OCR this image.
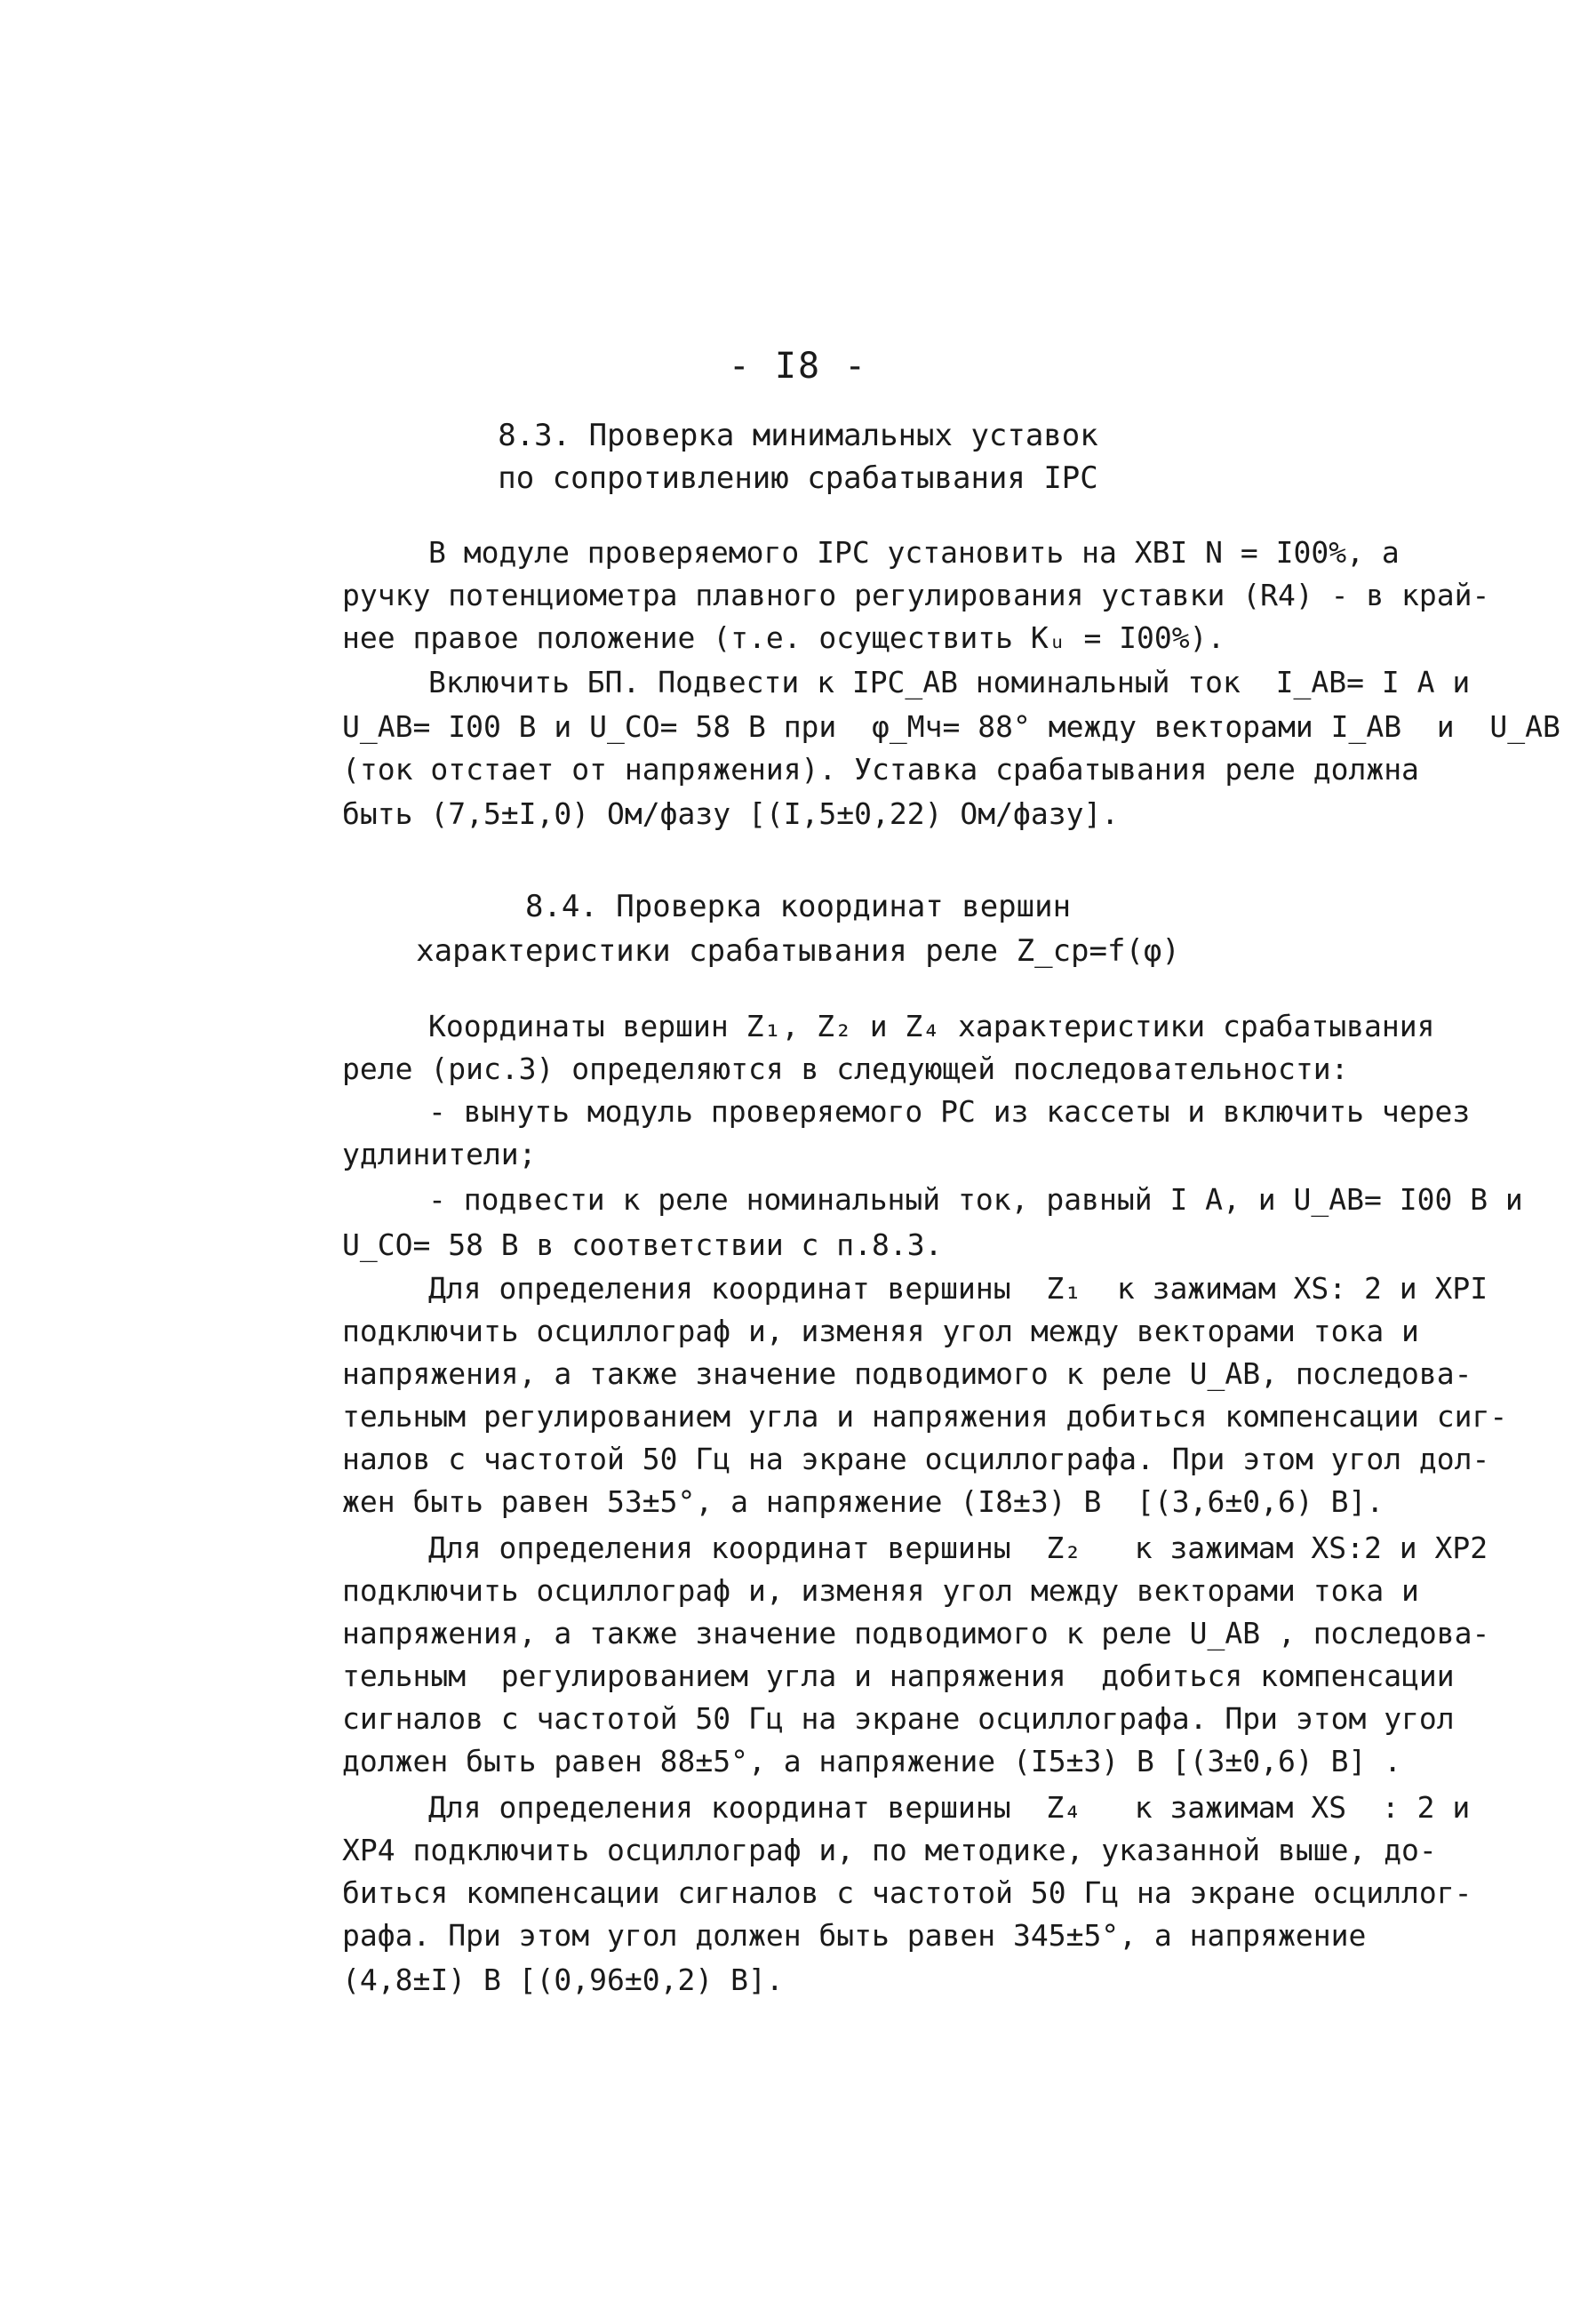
- I8 -
8.3. Проверка минимальных уставок
по сопротивлению срабатывания IPC
В модуле проверяемого IPC установить на ХВI N = I00%, а
ручку потенциометра плавного регулирования уставки (R4) - в край-
нее правое положение (т.е. осуществить Kᵤ = I00%).
Включить БП. Подвести к IPC_AB номинальный ток  I_AB= I А и
U_AB= I00 В и U_CO= 58 В при  φ_Мч= 88° между векторами I_AB  и  U_AB
(ток отстает от напряжения). Уставка срабатывания реле должна
быть (7,5±I,0) Ом/фазу [(I,5±0,22) Ом/фазу].
8.4. Проверка координат вершин
характеристики срабатывания реле Z_ср=f(φ)
Координаты вершин Z₁, Z₂ и Z₄ характеристики срабатывания
реле (рис.3) определяются в следующей последовательности:
- вынуть модуль проверяемого РС из кассеты и включить через
удлинители;
- подвести к реле номинальный ток, равный I А, и U_AB= I00 В и
U_CO= 58 В в соответствии с п.8.3.
Для определения координат вершины  Z₁  к зажимам XS: 2 и ХРI
подключить осциллограф и, изменяя угол между векторами тока и
напряжения, а также значение подводимого к реле U_AB, последова-
тельным регулированием угла и напряжения добиться компенсации сиг-
налов с частотой 50 Гц на экране осциллографа. При этом угол дол-
жен быть равен 53±5°, а напряжение (I8±3) В  [(3,6±0,6) В].
Для определения координат вершины  Z₂   к зажимам XS:2 и ХР2
подключить осциллограф и, изменяя угол между векторами тока и
напряжения, а также значение подводимого к реле U_AB , последова-
тельным  регулированием угла и напряжения  добиться компенсации
сигналов с частотой 50 Гц на экране осциллографа. При этом угол
должен быть равен 88±5°, а напряжение (I5±3) В [(3±0,6) В] .
Для определения координат вершины  Z₄   к зажимам XS  : 2 и
ХР4 подключить осциллограф и, по методике, указанной выше, до-
биться компенсации сигналов с частотой 50 Гц на экране осциллог-
рафа. При этом угол должен быть равен 345±5°, а напряжение
(4,8±I) В [(0,96±0,2) В].
